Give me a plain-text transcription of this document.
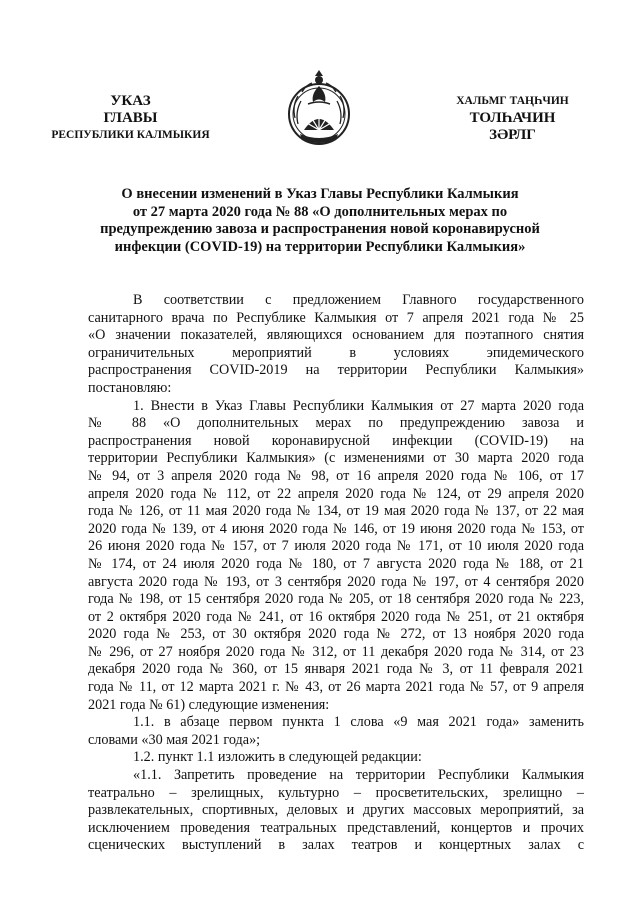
УКАЗ
ГЛАВЫ
РЕСПУБЛИКИ КАЛМЫКИЯ
ХАЛЬМГ ТАҢҺЧИН
ТОЛҺАЧИН
ЗӘРЛГ
О внесении изменений в Указ Главы Республики Калмыкия
от 27 марта 2020 года № 88 «О дополнительных мерах по
предупреждению завоза и распространения новой коронавирусной
инфекции (COVID-19) на территории Республики Калмыкия»
В соответствии с предложением Главного государственного
санитарного врача по Республике Калмыкия от 7 апреля 2021 года № 25
«О значении показателей, являющихся основанием для поэтапного снятия
ограничительных мероприятий в условиях эпидемического
распространения COVID-2019 на территории Республики Калмыкия»
постановляю:
1. Внести в Указ Главы Республики Калмыкия от 27 марта 2020 года
№ 88 «О дополнительных мерах по предупреждению завоза и
распространения новой коронавирусной инфекции (COVID-19) на
территории Республики Калмыкия» (с изменениями от 30 марта 2020 года
№ 94, от 3 апреля 2020 года № 98, от 16 апреля 2020 года № 106, от 17
апреля 2020 года № 112, от 22 апреля 2020 года № 124, от 29 апреля 2020
года № 126, от 11 мая 2020 года № 134, от 19 мая 2020 года № 137, от 22 мая
2020 года № 139, от 4 июня 2020 года № 146, от 19 июня 2020 года № 153, от
26 июня 2020 года № 157, от 7 июля 2020 года № 171, от 10 июля 2020 года
№ 174, от 24 июля 2020 года № 180, от 7 августа 2020 года № 188, от 21
августа 2020 года № 193, от 3 сентября 2020 года № 197, от 4 сентября 2020
года № 198, от 15 сентября 2020 года № 205, от 18 сентября 2020 года № 223,
от 2 октября 2020 года № 241, от 16 октября 2020 года № 251, от 21 октября
2020 года № 253, от 30 октября 2020 года № 272, от 13 ноября 2020 года
№ 296, от 27 ноября 2020 года № 312, от 11 декабря 2020 года № 314, от 23
декабря 2020 года № 360, от 15 января 2021 года № 3, от 11 февраля 2021
года № 11, от 12 марта 2021 г. № 43, от 26 марта 2021 года № 57, от 9 апреля
2021 года № 61) следующие изменения:
1.1. в абзаце первом пункта 1 слова «9 мая 2021 года» заменить
словами «30 мая 2021 года»;
1.2. пункт 1.1 изложить в следующей редакции:
«1.1. Запретить проведение на территории Республики Калмыкия
театрально – зрелищных, культурно – просветительских, зрелищно –
развлекательных, спортивных, деловых и других массовых мероприятий, за
исключением проведения театральных представлений, концертов и прочих
сценических выступлений в залах театров и концертных залах с
